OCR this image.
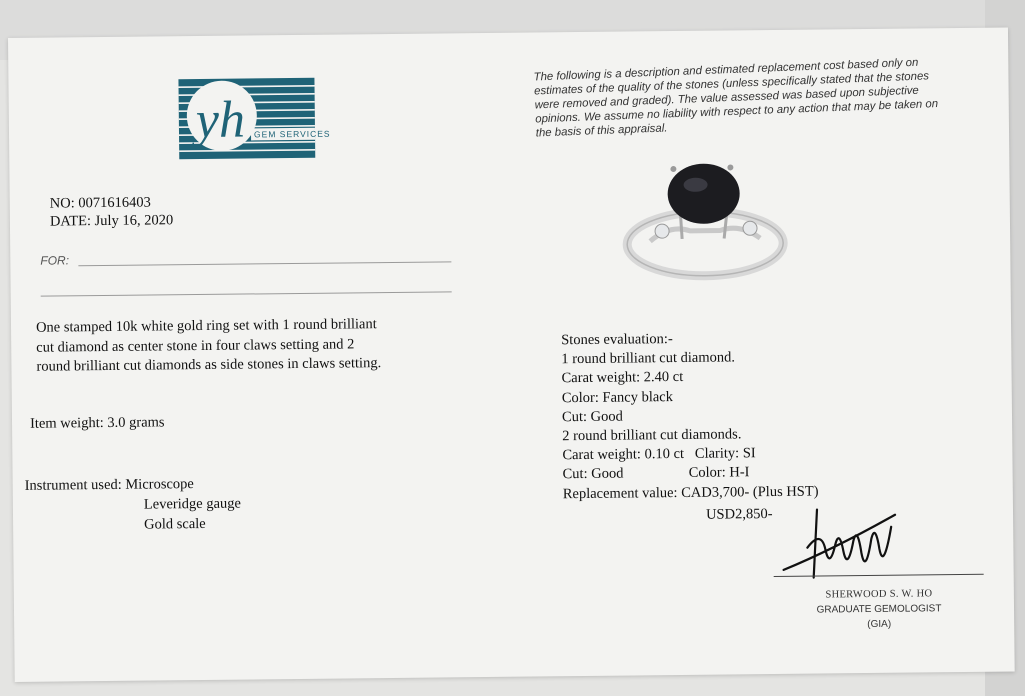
yh GEM SERVICES
The following is a description and estimated replacement cost based only on estimates of the quality of the stones (unless specifically stated that the stones were removed and graded). The value assessed was based upon subjective opinions. We assume no liability with respect to any action that may be taken on the basis of this appraisal.
NO: 0071616403
DATE: July 16, 2020
FOR:
One stamped 10k white gold ring set with 1 round brilliant cut diamond as center stone in four claws setting and 2 round brilliant cut diamonds as side stones in claws setting.
Item weight: 3.0 grams
Instrument used: Microscope
Leveridge gauge
Gold scale
Stones evaluation:-
1 round brilliant cut diamond.
Carat weight: 2.40 ct
Color: Fancy black
Cut: Good
2 round brilliant cut diamonds.
Carat weight: 0.10 ct   Clarity: SI
Cut: Good                  Color: H-I
Replacement value: CAD3,700- (Plus HST)
USD2,850-
SHERWOOD S. W. HO
GRADUATE GEMOLOGIST
(GIA)
